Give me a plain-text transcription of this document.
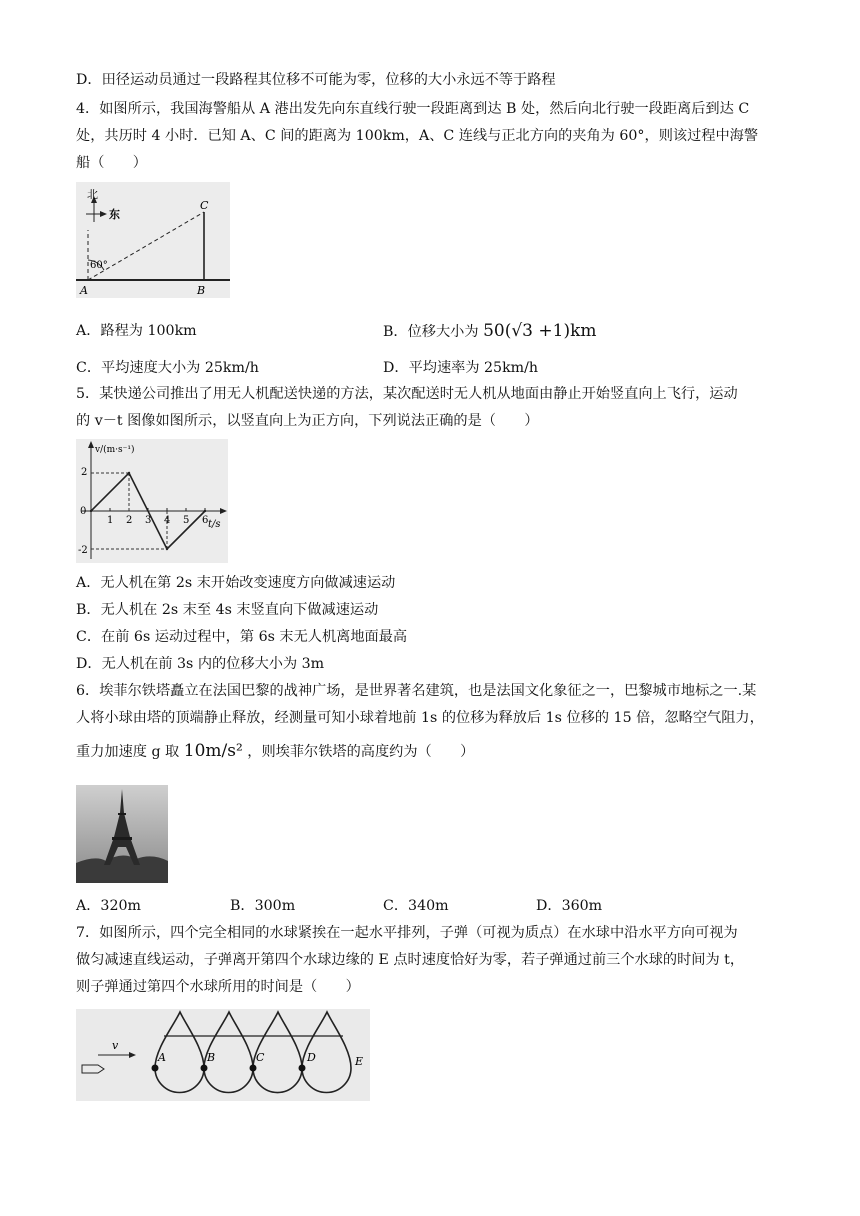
D．田径运动员通过一段路程其位移不可能为零，位移的大小永远不等于路程
4．如图所示，我国海警船从 A 港出发先向东直线行驶一段距离到达 B 处，然后向北行驶一段距离后到达 C
处，共历时 4 小时．已知 A、C 间的距离为 100km，A、C 连线与正北方向的夹角为 60°，则该过程中海警
船（　　）
北
东
60°
A	B
C
A．路程为 100km	B．位移大小为 50(√3 +1)km
C．平均速度大小为 25km/h	D．平均速率为 25km/h
5．某快递公司推出了用无人机配送快递的方法，某次配送时无人机从地面由静止开始竖直向上飞行，运动
的 v－t 图像如图所示，以竖直向上为正方向，下列说法正确的是（　　）
v/(m·s⁻¹)
t/s
0
2
-2
1 2 3 4 5 6
A．无人机在第 2s 末开始改变速度方向做减速运动
B．无人机在 2s 末至 4s 末竖直向下做减速运动
C．在前 6s 运动过程中，第 6s 末无人机离地面最高
D．无人机在前 3s 内的位移大小为 3m
6．埃菲尔铁塔矗立在法国巴黎的战神广场，是世界著名建筑，也是法国文化象征之一，巴黎城市地标之一.某
人将小球由塔的顶端静止释放，经测量可知小球着地前 1s 的位移为释放后 1s 位移的 15 倍，忽略空气阻力，
重力加速度 g 取 10m/s² ，则埃菲尔铁塔的高度约为（　　）
A．320m	B．300m	C．340m	D．360m
7．如图所示，四个完全相同的水球紧挨在一起水平排列，子弹（可视为质点）在水球中沿水平方向可视为
做匀减速直线运动，子弹离开第四个水球边缘的 E 点时速度恰好为零，若子弹通过前三个水球的时间为 t，
则子弹通过第四个水球所用的时间是（　　）
v
A	B	C	D	E
